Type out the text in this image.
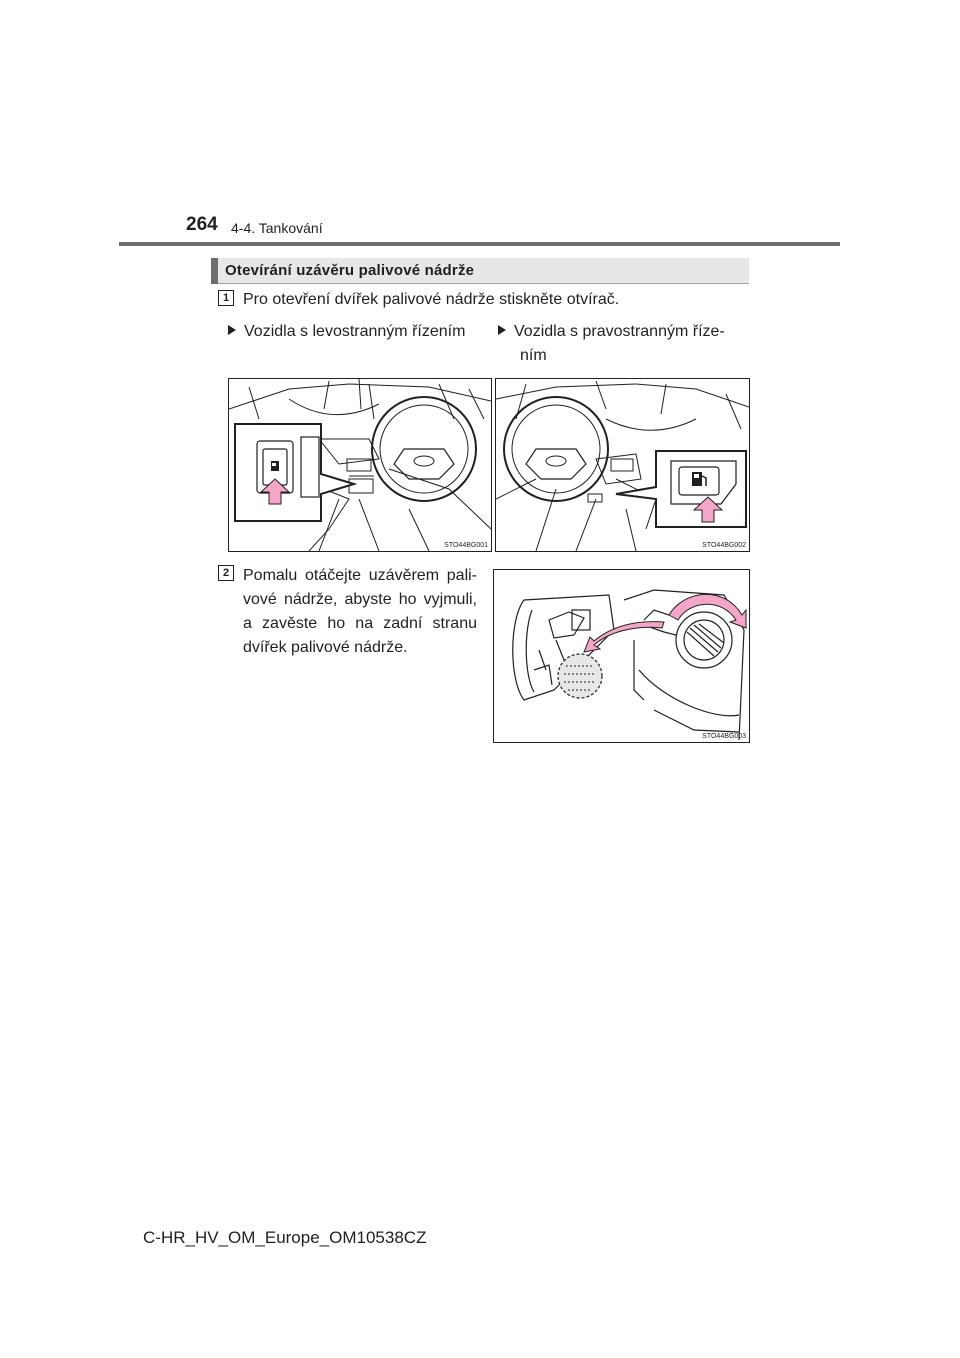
264 4-4. Tankování
Otevírání uzávěru palivové nádrže
1 Pro otevření dvířek palivové nádrže stiskněte otvírač.
Vozidla s levostranným řízením	Vozidla s pravostranným říze-
ním
STO44BG001	STO44BG002
2 Pomalu otáčejte uzávěrem pali-
vové nádrže, abyste ho vyjmuli,
a zavěste ho na zadní stranu
dvířek palivové nádrže.
STO44BG003
C-HR_HV_OM_Europe_OM10538CZ
